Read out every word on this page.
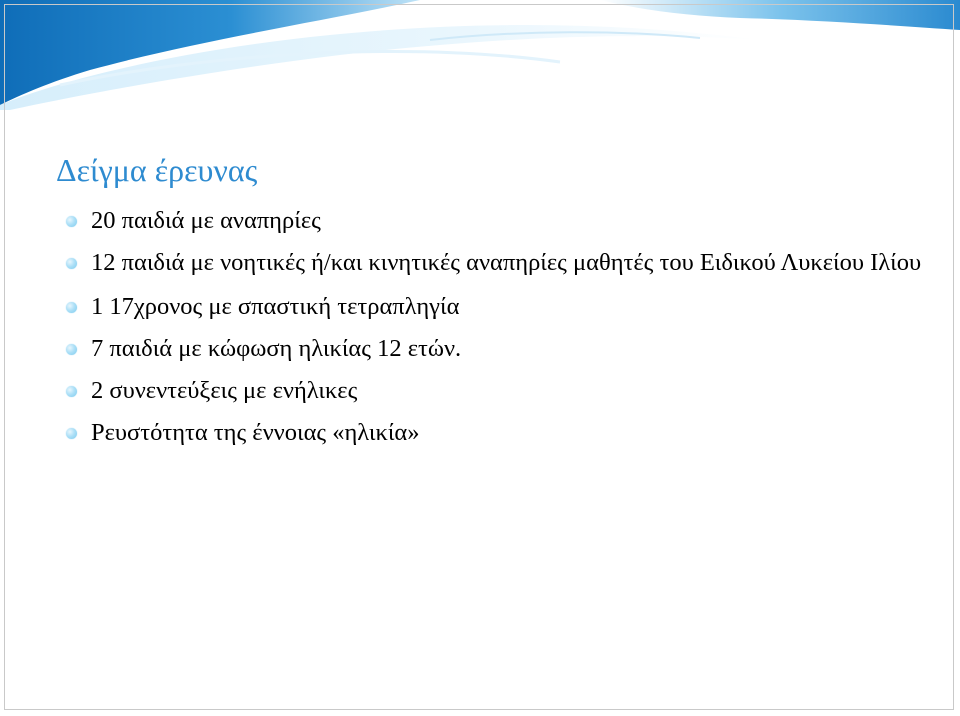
Δείγμα έρευνας
20 παιδιά με αναπηρίες
12 παιδιά με νοητικές ή/και κινητικές αναπηρίες μαθητές του Ειδικού Λυκείου Ιλίου
1 17χρονος με σπαστική τετραπληγία
7 παιδιά με κώφωση ηλικίας 12 ετών.
2 συνεντεύξεις με ενήλικες
Ρευστότητα της έννοιας «ηλικία»
